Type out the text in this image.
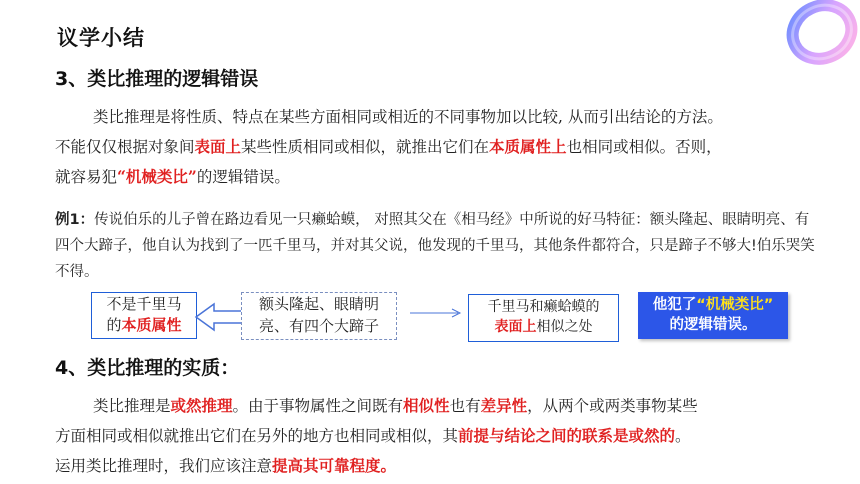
议学小结
3、类比推理的逻辑错误
类比推理是将性质、特点在某些方面相同或相近的不同事物加以比较, 从而引出结论的方法。
不能仅仅根据对象间表面上某些性质相同或相似，就推出它们在本质属性上也相同或相似。否则，
就容易犯“机械类比”的逻辑错误。
例1：传说伯乐的儿子曾在路边看见一只癞蛤蟆， 对照其父在《相马经》中所说的好马特征：额头隆起、眼睛明亮、有四个大蹄子，他自认为找到了一匹千里马，并对其父说，他发现的千里马，其他条件都符合，只是蹄子不够大!伯乐哭笑不得。
不是千里马
的本质属性
额头隆起、眼睛明
亮、有四个大蹄子
千里马和癞蛤蟆的
表面上相似之处
他犯了“机械类比”
的逻辑错误。
4、类比推理的实质：
类比推理是或然推理。由于事物属性之间既有相似性也有差异性，从两个或两类事物某些
方面相同或相似就推出它们在另外的地方也相同或相似，其前提与结论之间的联系是或然的。
运用类比推理时，我们应该注意提高其可靠程度。
